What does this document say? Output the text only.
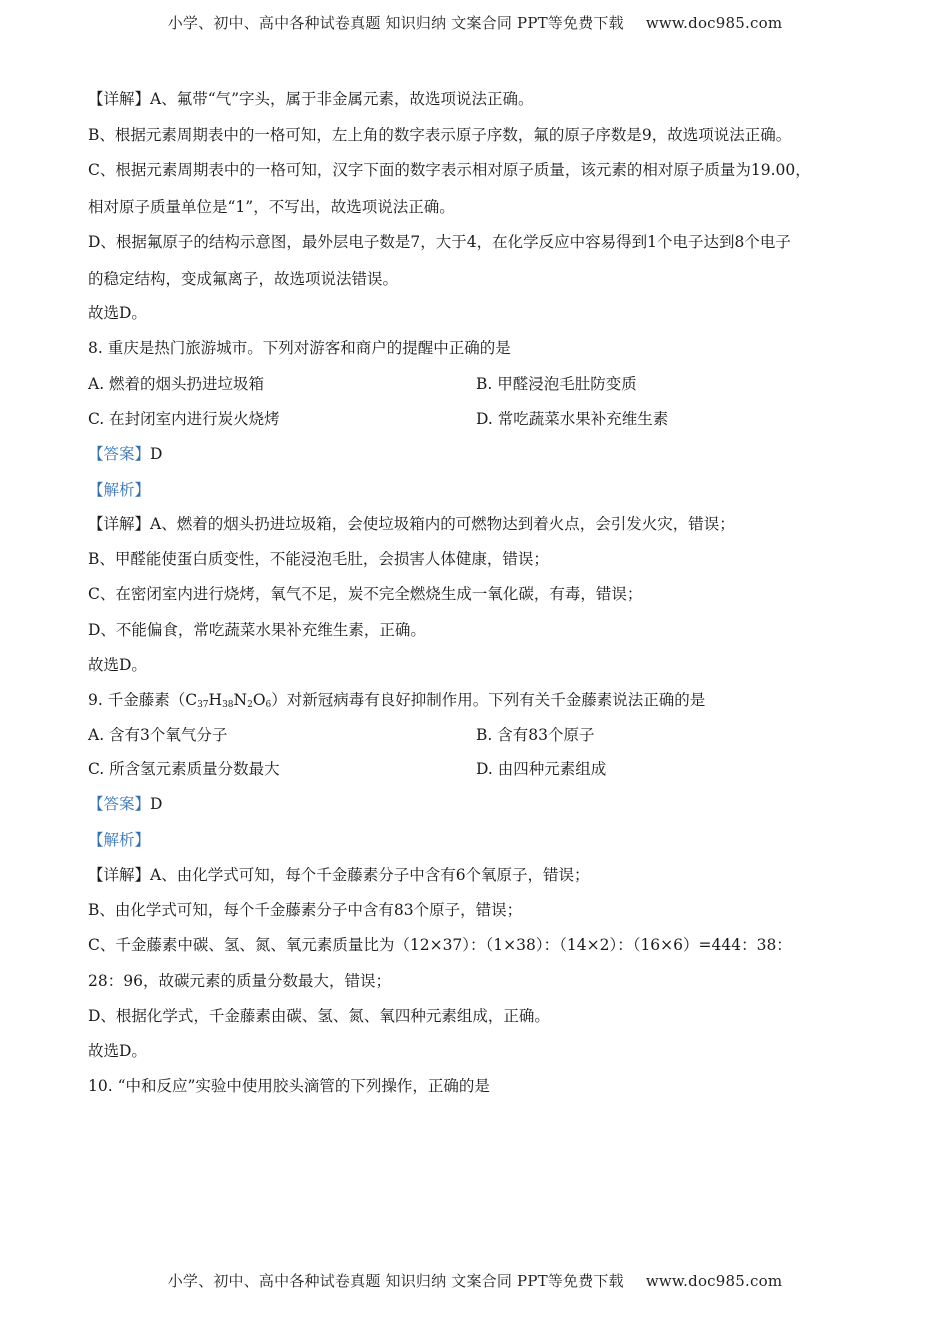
小学、初中、高中各种试卷真题 知识归纳 文案合同 PPT等免费下载 www.doc985.com
【详解】A、氟带“气”字头，属于非金属元素，故选项说法正确。
B、根据元素周期表中的一格可知，左上角的数字表示原子序数，氟的原子序数是9，故选项说法正确。
C、根据元素周期表中的一格可知，汉字下面的数字表示相对原子质量，该元素的相对原子质量为19.00，
相对原子质量单位是“1”，不写出，故选项说法正确。
D、根据氟原子的结构示意图，最外层电子数是7，大于4，在化学反应中容易得到1个电子达到8个电子
的稳定结构，变成氟离子，故选项说法错误。
故选D。
8. 重庆是热门旅游城市。下列对游客和商户的提醒中正确的是
A. 燃着的烟头扔进垃圾箱	B. 甲醛浸泡毛肚防变质
C. 在封闭室内进行炭火烧烤	D. 常吃蔬菜水果补充维生素
【答案】D
【解析】
【详解】A、燃着的烟头扔进垃圾箱，会使垃圾箱内的可燃物达到着火点，会引发火灾，错误；
B、甲醛能使蛋白质变性，不能浸泡毛肚，会损害人体健康，错误；
C、在密闭室内进行烧烤，氧气不足，炭不完全燃烧生成一氧化碳，有毒，错误；
D、不能偏食，常吃蔬菜水果补充维生素，正确。
故选D。
9. 千金藤素$(C_{37}H_{38}N_2O_6)$对新冠病毒有良好抑制作用。下列有关千金藤素说法正确的是
A. 含有3个氧气分子	B. 含有83个原子
C. 所含氢元素质量分数最大	D. 由四种元素组成
【答案】D
【解析】
【详解】A、由化学式可知，每个千金藤素分子中含有6个氧原子，错误；
B、由化学式可知，每个千金藤素分子中含有83个原子，错误；
C、千金藤素中碳、氢、氮、氧元素质量比为（12×37）：（1×38）：（14×2）：（16×6）=444：38：
28：96，故碳元素的质量分数最大，错误；
D、根据化学式，千金藤素由碳、氢、氮、氧四种元素组成，正确。
故选D。
10. “中和反应”实验中使用胶头滴管的下列操作，正确的是
小学、初中、高中各种试卷真题 知识归纳 文案合同 PPT等免费下载 www.doc985.com
